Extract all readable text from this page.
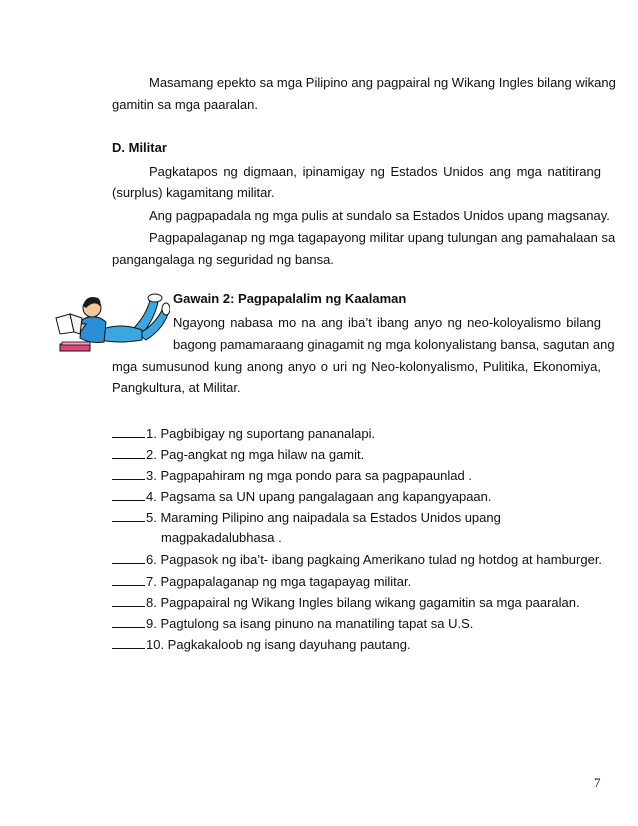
Masamang epekto sa mga Pilipino ang pagpairal ng Wikang Ingles bilang wikang
gamitin sa mga paaralan.
D. Militar
Pagkatapos ng digmaan, ipinamigay ng Estados Unidos ang mga natitirang
(surplus) kagamitang militar.
Ang pagpapadala ng mga pulis at sundalo sa Estados Unidos upang magsanay.
Pagpapalaganap ng mga tagapayong militar upang tulungan ang pamahalaan sa
pangangalaga ng seguridad ng bansa.
Gawain 2: Pagpapalalim ng Kaalaman
Ngayong nabasa mo na ang iba’t ibang anyo ng neo-koloyalismo bilang
bagong pamamaraang ginagamit ng mga kolonyalistang bansa, sagutan ang
mga sumusunod kung anong anyo o uri ng Neo-kolonyalismo, Pulitika, Ekonomiya,
Pangkultura, at Militar.
1. Pagbibigay ng suportang pananalapi.
2. Pag-angkat ng mga hilaw na gamit.
3. Pagpapahiram ng mga pondo para sa pagpapaunlad .
4. Pagsama sa UN upang pangalagaan ang kapangyapaan.
5. Maraming Pilipino ang naipadala sa Estados Unidos upang
magpakadalubhasa .
6. Pagpasok ng iba’t- ibang pagkaing Amerikano tulad ng hotdog at hamburger.
7. Pagpapalaganap ng mga tagapayag militar.
8. Pagpapairal ng Wikang Ingles bilang wikang gagamitin sa mga paaralan.
9. Pagtulong sa isang pinuno na manatiling tapat sa U.S.
10. Pagkakaloob ng isang dayuhang pautang.
7
